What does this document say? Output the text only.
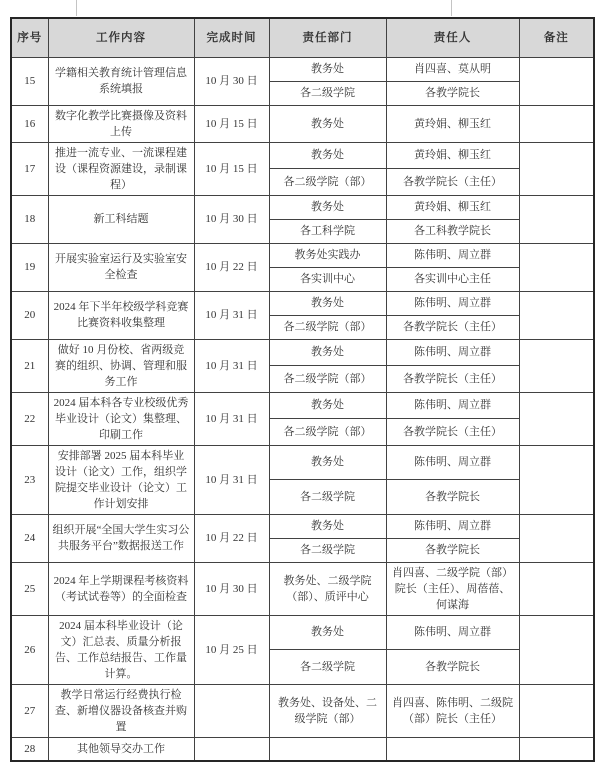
序号	工作内容	完成时间	责任部门	责任人	备注
15	学籍相关教育统计管理信息系统填报	10 月 30 日	教务处	肖四喜、莫从明	
			各二级学院	各教学院长	
16	数字化教学比赛摄像及资料上传	10 月 15 日	教务处	黄玲娟、柳玉红	
17	推进一流专业、一流课程建设（课程资源建设，录制课程）	10 月 15 日	教务处	黄玲娟、柳玉红	
			各二级学院（部）	各教学院长（主任）	
18	新工科结题	10 月 30 日	教务处	黄玲娟、柳玉红	
			各工科学院	各工科教学院长	
19	开展实验室运行及实验室安全检查	10 月 22 日	教务处实践办	陈伟明、周立群	
			各实训中心	各实训中心主任	
20	2024 年下半年校级学科竞赛比赛资料收集整理	10 月 31 日	教务处	陈伟明、周立群	
			各二级学院（部）	各教学院长（主任）	
21	做好 10 月份校、省两级竞赛的组织、协调、管理和服务工作	10 月 31 日	教务处	陈伟明、周立群	
			各二级学院（部）	各教学院长（主任）	
22	2024 届本科各专业校级优秀毕业设计（论文）集整理、印刷工作	10 月 31 日	教务处	陈伟明、周立群	
			各二级学院（部）	各教学院长（主任）	
23	安排部署 2025 届本科毕业设计（论文）工作，组织学院提交毕业设计（论文）工作计划安排	10 月 31 日	教务处	陈伟明、周立群	
			各二级学院	各教学院长	
24	组织开展“全国大学生实习公共服务平台”数据报送工作	10 月 22 日	教务处	陈伟明、周立群	
			各二级学院	各教学院长	
25	2024 年上学期课程考核资料（考试试卷等）的全面检查	10 月 30 日	教务处、二级学院（部）、质评中心	肖四喜、二级学院（部）院长（主任）、周蓓蓓、何谋海	
26	2024 届本科毕业设计（论文）汇总表、质量分析报告、工作总结报告、工作量计算。	10 月 25 日	教务处	陈伟明、周立群	
			各二级学院	各教学院长	
27	教学日常运行经费执行检查、新增仪器设备核查并购置		教务处、设备处、二级学院（部）	肖四喜、陈伟明、二级院（部）院长（主任）	
28	其他领导交办工作				
